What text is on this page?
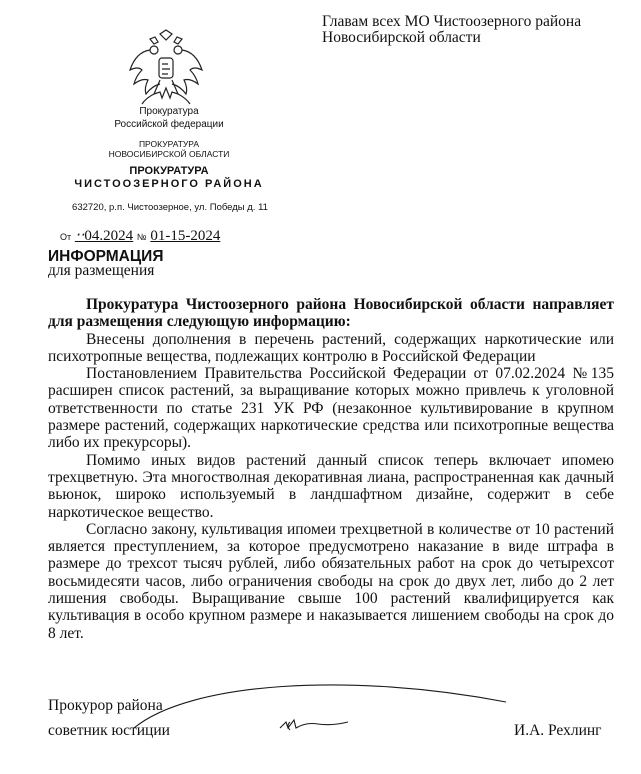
Главам всех МО Чистоозерного района
Новосибирской области
Прокуратура
Российской федерации
ПРОКУРАТУРА
НОВОСИБИРСКОЙ ОБЛАСТИ
ПРОКУРАТУРА
ЧИСТООЗЕРНОГО РАЙОНА
632720, р.п. Чистоозерное, ул. Победы д. 11
От ‧‧04.2024 № 01-15-2024
ИНФОРМАЦИЯ
для размещения

Прокуратура Чистоозерного района Новосибирской области направляет для размещения следующую информацию:

Внесены дополнения в перечень растений, содержащих наркотические или психотропные вещества, подлежащих контролю в Российской Федерации

Постановлением Правительства Российской Федерации от 07.02.2024 №135 расширен список растений, за выращивание которых можно привлечь к уголовной ответственности по статье 231 УК РФ (незаконное культивирование в крупном размере растений, содержащих наркотические средства или психотропные вещества либо их прекурсоры).

Помимо иных видов растений данный список теперь включает ипомею трехцветную. Эта многостволная декоративная лиана, распространенная как дачный вьюнок, широко используемый в ландшафтном дизайне, содержит в себе наркотическое вещество.

Согласно закону, культивация ипомеи трехцветной в количестве от 10 растений является преступлением, за которое предусмотрено наказание в виде штрафа в размере до трехсот тысяч рублей, либо обязательных работ на срок до четырехсот восьмидесяти часов, либо ограничения свободы на срок до двух лет, либо до 2 лет лишения свободы. Выращивание свыше 100 растений квалифицируется как культивация в особо крупном размере и наказывается лишением свободы на срок до 8 лет.

Прокурор района
советник юстиции	И.А. Рехлинг
